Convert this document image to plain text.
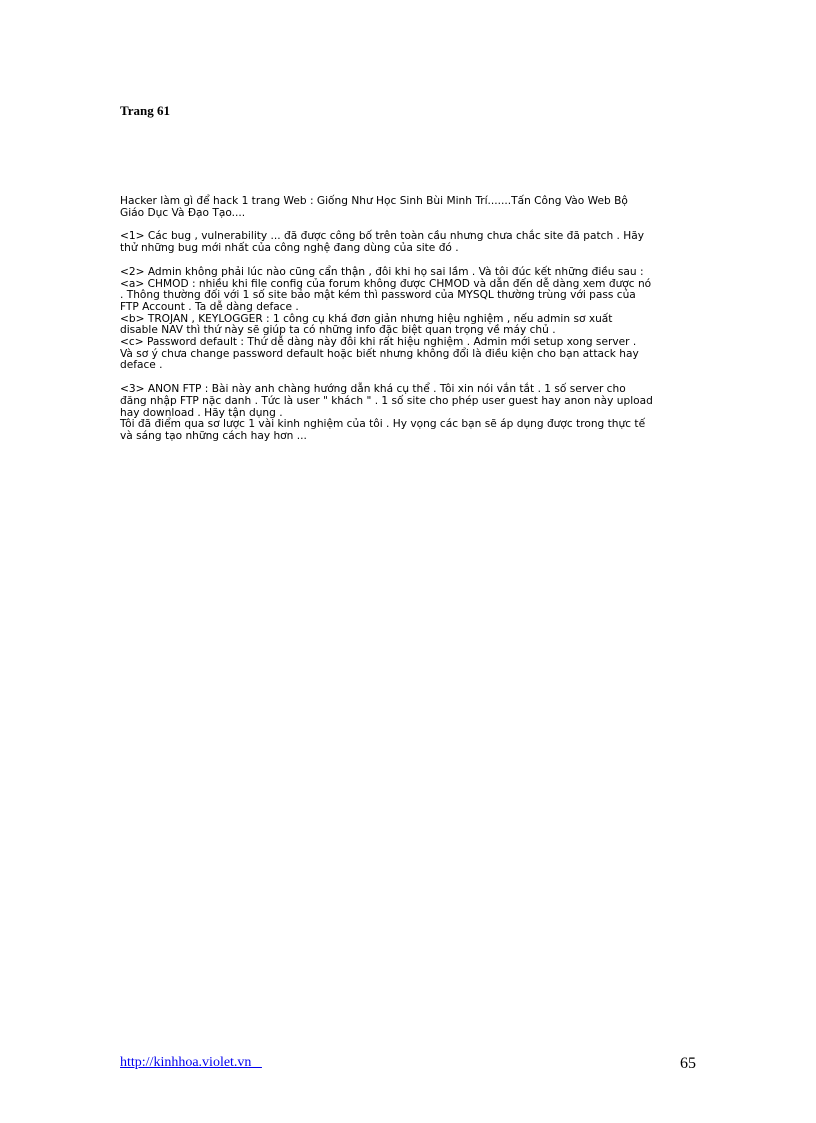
Trang 61

Hacker làm gì để hack 1 trang Web : Giống Như Học Sinh Bùi Minh Trí.......Tấn Công Vào Web Bộ
Giáo Dục Và Đạo Tạo....

<1> Các bug , vulnerability ... đã được công bố trên toàn cầu nhưng chưa chắc site đã patch . Hãy
thử những bug mới nhất của công nghệ đang dùng của site đó .

<2> Admin không phải lúc nào cũng cẩn thận , đôi khi họ sai lầm . Và tôi đúc kết những điều sau :
<a> CHMOD : nhiều khi file config của forum không được CHMOD và dẫn đến dễ dàng xem được nó
. Thông thường đối với 1 số site bảo mật kém thì password của MYSQL thường trùng với pass của
FTP Account . Ta dễ dàng deface .
<b> TROJAN , KEYLOGGER : 1 công cụ khá đơn giản nhưng hiệu nghiệm , nếu admin sơ xuất
disable NAV thì thứ này sẽ giúp ta có những info đặc biệt quan trọng về máy chủ .
<c> Password default : Thứ dễ dàng này đôi khi rất hiệu nghiệm . Admin mới setup xong server .
Và sơ ý chưa change password default hoặc biết nhưng không đổi là điều kiện cho bạn attack hay
deface .

<3> ANON FTP : Bài này anh chàng hướng dẫn khá cụ thể . Tôi xin nói vắn tắt . 1 số server cho
đăng nhập FTP nặc danh . Tức là user " khách " . 1 số site cho phép user guest hay anon này upload
hay download . Hãy tận dụng .
Tôi đã điểm qua sơ lược 1 vài kinh nghiệm của tôi . Hy vọng các bạn sẽ áp dụng được trong thực tế
và sáng tạo những cách hay hơn ...

http://kinhhoa.violet.vn	65
